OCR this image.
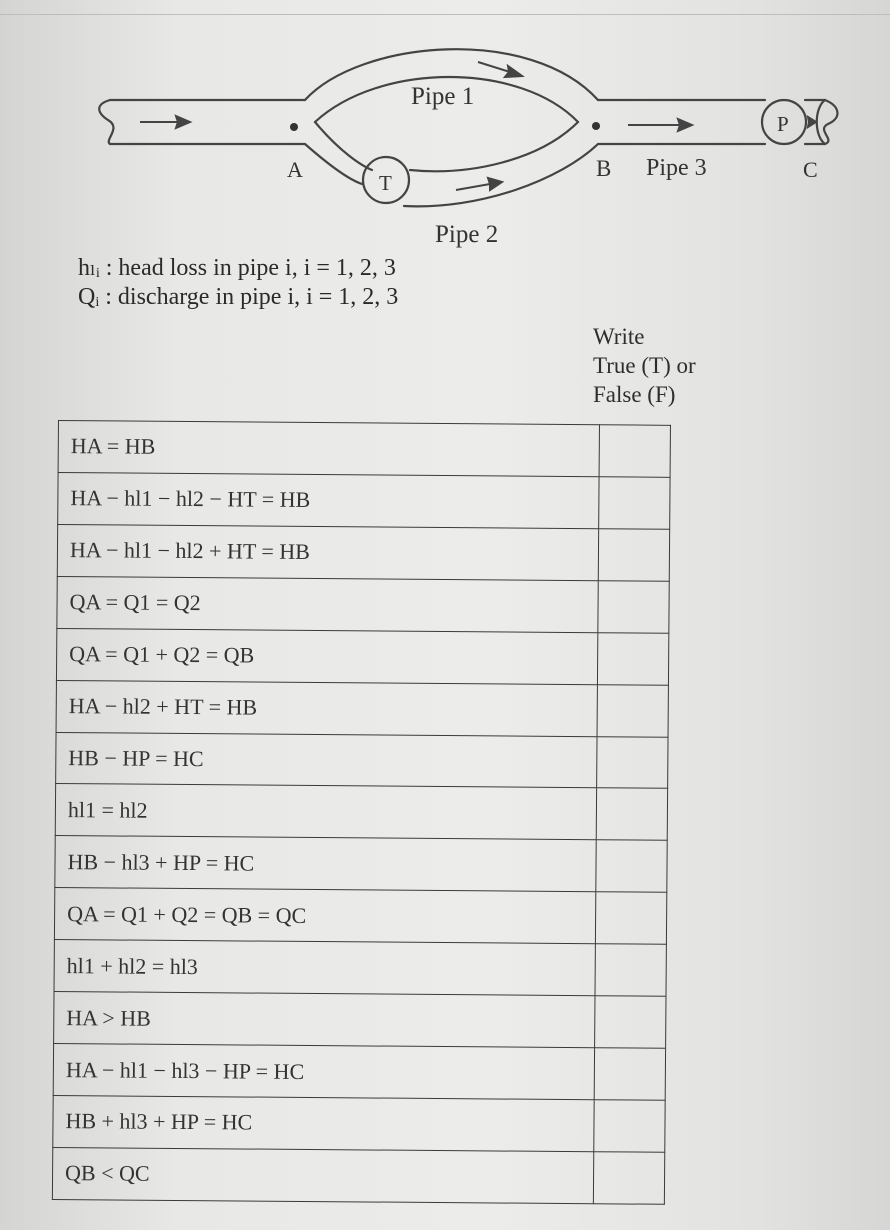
Pipe 1
Pipe 2
Pipe 3
A	B	C
T
P
hₗᵢ : head loss in pipe i, i = 1, 2, 3
Qᵢ : discharge in pipe i, i = 1, 2, 3
Write
True (T) or
False (F)
HA = HB	
HA − hl1 − hl2 − HT = HB	
HA − hl1 − hl2 + HT = HB	
QA = Q1 = Q2	
QA = Q1 + Q2 = QB	
HA − hl2 + HT = HB	
HB − HP = HC	
hl1 = hl2	
HB − hl3 + HP = HC	
QA = Q1 + Q2 = QB = QC	
hl1 + hl2 = hl3	
HA > HB	
HA − hl1 − hl3 − HP = HC	
HB + hl3 + HP = HC	
QB < QC	
